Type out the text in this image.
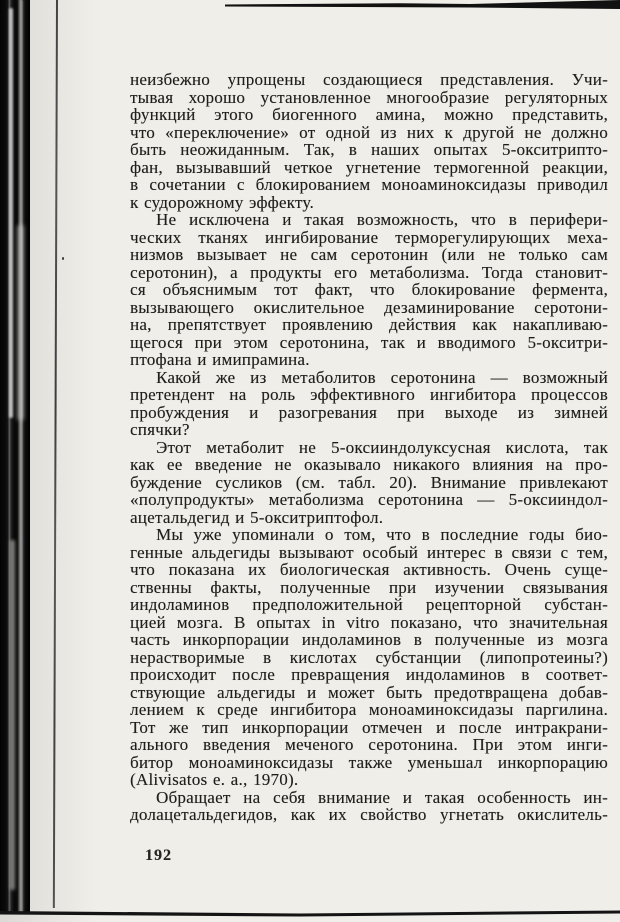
неизбежно упрощены создающиеся представления. Учи-
тывая хорошо установленное многообразие регуляторных
функций этого биогенного амина, можно представить,
что «переключение» от одной из них к другой не должно
быть неожиданным. Так, в наших опытах 5-окситрипто-
фан, вызывавший четкое угнетение термогенной реакции,
в сочетании с блокированием моноаминоксидазы приводил
к судорожному эффекту.
Не исключена и такая возможность, что в перифери-
ческих тканях ингибирование терморегулирующих меха-
низмов вызывает не сам серотонин (или не только сам
серотонин), а продукты его метаболизма. Тогда становит-
ся объяснимым тот факт, что блокирование фермента,
вызывающего окислительное дезаминирование серотони-
на, препятствует проявлению действия как накапливаю-
щегося при этом серотонина, так и вводимого 5-окситри-
птофана и имипрамина.
Какой же из метаболитов серотонина — возможный
претендент на роль эффективного ингибитора процессов
пробуждения и разогревания при выходе из зимней
спячки?
Этот метаболит не 5-оксииндолуксусная кислота, так
как ее введение не оказывало никакого влияния на про-
буждение сусликов (см. табл. 20). Внимание привлекают
«полупродукты» метаболизма серотонина — 5-оксииндол-
ацетальдегид и 5-окситриптофол.
Мы уже упоминали о том, что в последние годы био-
генные альдегиды вызывают особый интерес в связи с тем,
что показана их биологическая активность. Очень суще-
ственны факты, полученные при изучении связывания
индоламинов предположительной рецепторной субстан-
цией мозга. В опытах in vitro показано, что значительная
часть инкорпорации индоламинов в полученные из мозга
нерастворимые в кислотах субстанции (липопротеины?)
происходит после превращения индоламинов в соответ-
ствующие альдегиды и может быть предотвращена добав-
лением к среде ингибитора моноаминоксидазы паргилина.
Тот же тип инкорпорации отмечен и после интракрани-
ального введения меченого серотонина. При этом инги-
битор моноаминоксидазы также уменьшал инкорпорацию
(Alivisatos e. a., 1970).
Обращает на себя внимание и такая особенность ин-
долацетальдегидов, как их свойство угнетать окислитель-
192
